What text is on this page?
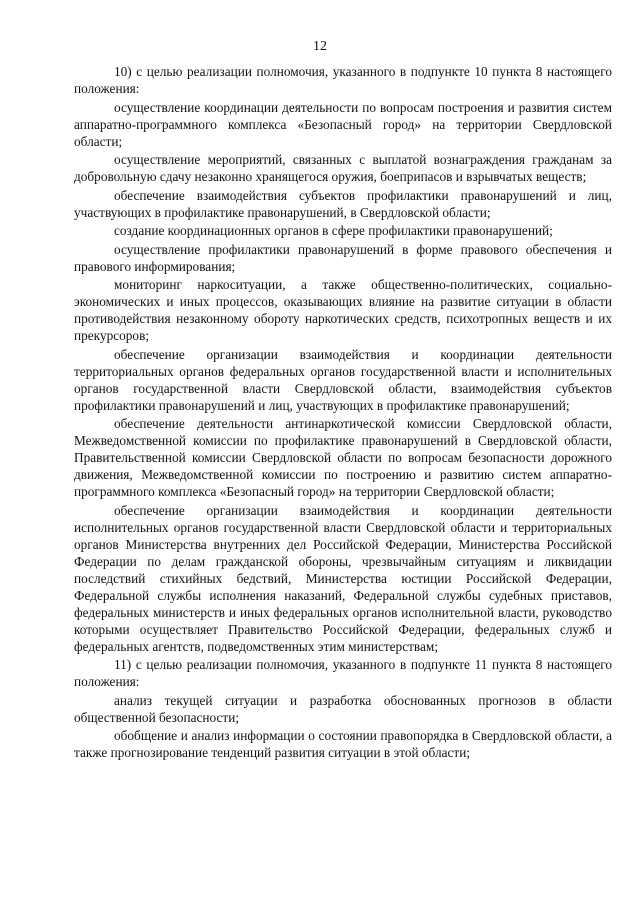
12

10) с целью реализации полномочия, указанного в подпункте 10 пункта 8 настоящего положения:

осуществление координации деятельности по вопросам построения и развития систем аппаратно-программного комплекса «Безопасный город» на территории Свердловской области;

осуществление мероприятий, связанных с выплатой вознаграждения гражданам за добровольную сдачу незаконно хранящегося оружия, боеприпасов и взрывчатых веществ;

обеспечение взаимодействия субъектов профилактики правонарушений и лиц, участвующих в профилактике правонарушений, в Свердловской области;

создание координационных органов в сфере профилактики правонарушений;

осуществление профилактики правонарушений в форме правового обеспечения и правового информирования;

мониторинг наркоситуации, а также общественно-политических, социально-экономических и иных процессов, оказывающих влияние на развитие ситуации в области противодействия незаконному обороту наркотических средств, психотропных веществ и их прекурсоров;

обеспечение организации взаимодействия и координации деятельности территориальных органов федеральных органов государственной власти и исполнительных органов государственной власти Свердловской области, взаимодействия субъектов профилактики правонарушений и лиц, участвующих в профилактике правонарушений;

обеспечение деятельности антинаркотической комиссии Свердловской области, Межведомственной комиссии по профилактике правонарушений в Свердловской области, Правительственной комиссии Свердловской области по вопросам безопасности дорожного движения, Межведомственной комиссии по построению и развитию систем аппаратно-программного комплекса «Безопасный город» на территории Свердловской области;

обеспечение организации взаимодействия и координации деятельности исполнительных органов государственной власти Свердловской области и территориальных органов Министерства внутренних дел Российской Федерации, Министерства Российской Федерации по делам гражданской обороны, чрезвычайным ситуациям и ликвидации последствий стихийных бедствий, Министерства юстиции Российской Федерации, Федеральной службы исполнения наказаний, Федеральной службы судебных приставов, федеральных министерств и иных федеральных органов исполнительной власти, руководство которыми осуществляет Правительство Российской Федерации, федеральных служб и федеральных агентств, подведомственных этим министерствам;

11) с целью реализации полномочия, указанного в подпункте 11 пункта 8 настоящего положения:

анализ текущей ситуации и разработка обоснованных прогнозов в области общественной безопасности;

обобщение и анализ информации о состоянии правопорядка в Свердловской области, а также прогнозирование тенденций развития ситуации в этой области;
